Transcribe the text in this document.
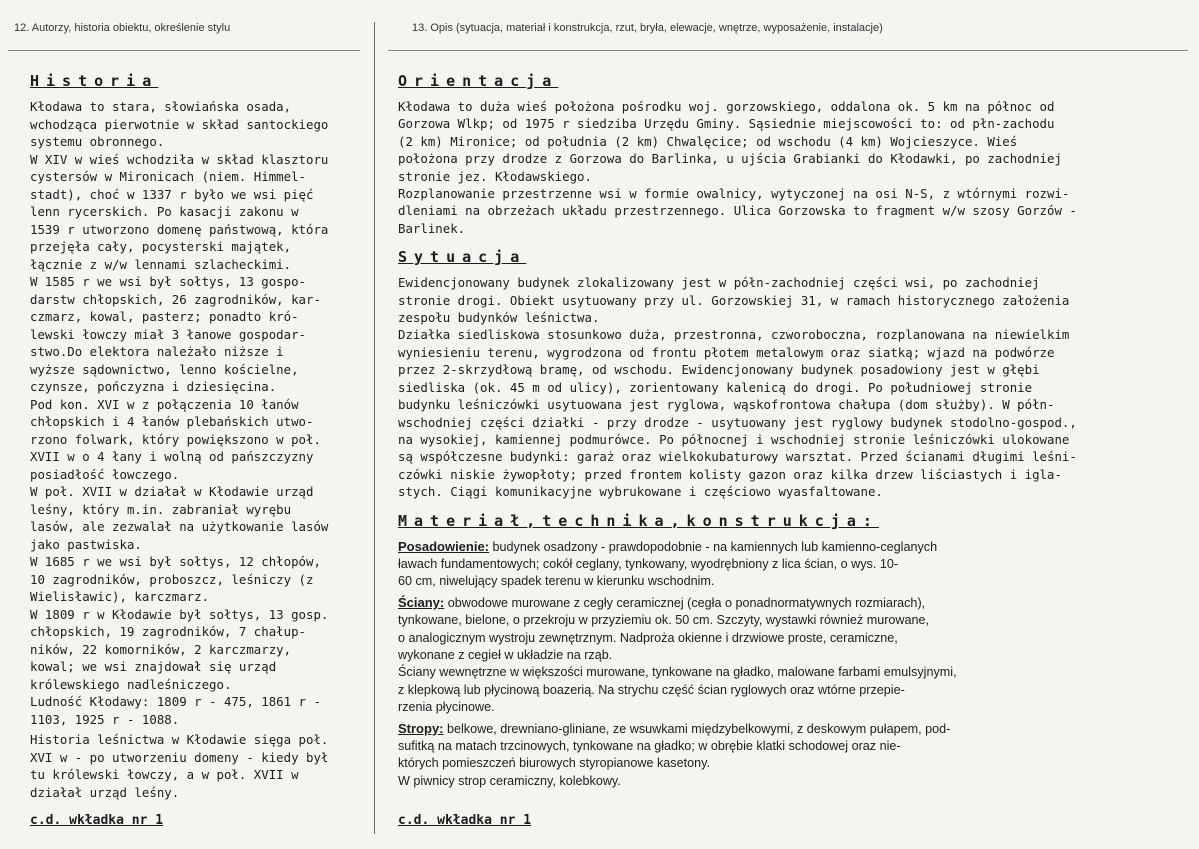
12. Autorzy, historia obiektu, określenie stylu	13. Opis (sytuacja, materiał i konstrukcja, rzut, bryła, elewacje, wnętrze, wyposażenie, instalacje)
Historia

Kłodawa to stara, słowiańska osada,
wchodząca pierwotnie w skład santockiego
systemu obronnego.
W XIV w wieś wchodziła w skład klasztoru
cystersów w Mironicach (niem. Himmel-
stadt), choć w 1337 r było we wsi pięć
lenn rycerskich. Po kasacji zakonu w
1539 r utworzono domenę państwową, która
przejęła cały, pocysterski majątek,
łącznie z w/w lennami szlacheckimi.
W 1585 r we wsi był sołtys, 13 gospo-
darstw chłopskich, 26 zagrodników, kar-
czmarz, kowal, pasterz; ponadto kró-
lewski łowczy miał 3 łanowe gospodar-
stwo.Do elektora należało niższe i
wyższe sądownictwo, lenno kościelne,
czynsze, pończyzna i dziesięcina.
Pod kon. XVI w z połączenia 10 łanów
chłopskich i 4 łanów plebańskich utwo-
rzono folwark, który powiększono w poł.
XVII w o 4 łany i wolną od pańszczyzny
posiadłość łowczego.
W poł. XVII w działał w Kłodawie urząd
leśny, który m.in. zabraniał wyrębu
lasów, ale zezwalał na użytkowanie lasów
jako pastwiska.
W 1685 r we wsi był sołtys, 12 chłopów,
10 zagrodników, proboszcz, leśniczy (z
Wielisławic), karczmarz.
W 1809 r w Kłodawie był sołtys, 13 gosp.
chłopskich, 19 zagrodników, 7 chałup-
ników, 22 komorników, 2 karczmarzy,
kowal; we wsi znajdował się urząd
królewskiego nadleśniczego.
Ludność Kłodawy: 1809 r - 475, 1861 r -
1103, 1925 r - 1088.

Historia leśnictwa w Kłodawie sięga poł.
XVI w - po utworzeniu domeny - kiedy był
tu królewski łowczy, a w poł. XVII w
działał urząd leśny.

c.d. wkładka nr 1
Orientacja

Kłodawa to duża wieś położona pośrodku woj. gorzowskiego, oddalona ok. 5 km na północ od
Gorzowa Wlkp; od 1975 r siedziba Urzędu Gminy. Sąsiednie miejscowości to: od płn-zachodu
(2 km) Mironice; od południa (2 km) Chwalęcice; od wschodu (4 km) Wojcieszyce. Wieś
położona przy drodze z Gorzowa do Barlinka, u ujścia Grabianki do Kłodawki, po zachodniej
stronie jez. Kłodawskiego.
Rozplanowanie przestrzenne wsi w formie owalnicy, wytyczonej na osi N-S, z wtórnymi rozwi-
dleniami na obrzeżach układu przestrzennego. Ulica Gorzowska to fragment w/w szosy Gorzów -
Barlinek.

Sytuacja

Ewidencjonowany budynek zlokalizowany jest w półn-zachodniej części wsi, po zachodniej
stronie drogi. Obiekt usytuowany przy ul. Gorzowskiej 31, w ramach historycznego założenia
zespołu budynków leśnictwa.
Działka siedliskowa stosunkowo duża, przestronna, czworoboczna, rozplanowana na niewielkim
wyniesieniu terenu, wygrodzona od frontu płotem metalowym oraz siatką; wjazd na podwórze
przez 2-skrzydłową bramę, od wschodu. Ewidencjonowany budynek posadowiony jest w głębi
siedliska (ok. 45 m od ulicy), zorientowany kalenicą do drogi. Po południowej stronie
budynku leśniczówki usytuowana jest ryglowa, wąskofrontowa chałupa (dom służby). W półn-
wschodniej części działki - przy drodze - usytuowany jest ryglowy budynek stodolno-gospod.,
na wysokiej, kamiennej podmurówce. Po północnej i wschodniej stronie leśniczówki ulokowane
są współczesne budynki: garaż oraz wielkokubaturowy warsztat. Przed ścianami długimi leśni-
czówki niskie żywopłoty; przed frontem kolisty gazon oraz kilka drzew liściastych i igla-
stych. Ciągi komunikacyjne wybrukowane i częściowo wyasfaltowane.

Materiał,technika,konstrukcja:

Posadowienie: budynek osadzony - prawdopodobnie - na kamiennych lub kamienno-ceglanych
ławach fundamentowych; cokół ceglany, tynkowany, wyodrębniony z lica ścian, o wys. 10-
60 cm, niwelujący spadek terenu w kierunku wschodnim.

Ściany: obwodowe murowane z cegły ceramicznej (cegła o ponadnormatywnych rozmiarach),
tynkowane, bielone, o przekroju w przyziemiu ok. 50 cm. Szczyty, wystawki również murowane,
o analogicznym wystroju zewnętrznym. Nadproża okienne i drzwiowe proste, ceramiczne,
wykonane z cegieł w układzie na rząb.
Ściany wewnętrzne w większości murowane, tynkowane na gładko, malowane farbami emulsyjnymi,
z klepkową lub płycinową boazerią. Na strychu część ścian ryglowych oraz wtórne przepie-
rzenia płycinowe.

Stropy: belkowe, drewniano-gliniane, ze wsuwkami międzybelkowymi, z deskowym pułapem, pod-
sufitką na matach trzcinowych, tynkowane na gładko; w obrębie klatki schodowej oraz nie-
których pomieszczeń biurowych styropianowe kasetony.
W piwnicy strop ceramiczny, kolebkowy.

c.d. wkładka nr 1
